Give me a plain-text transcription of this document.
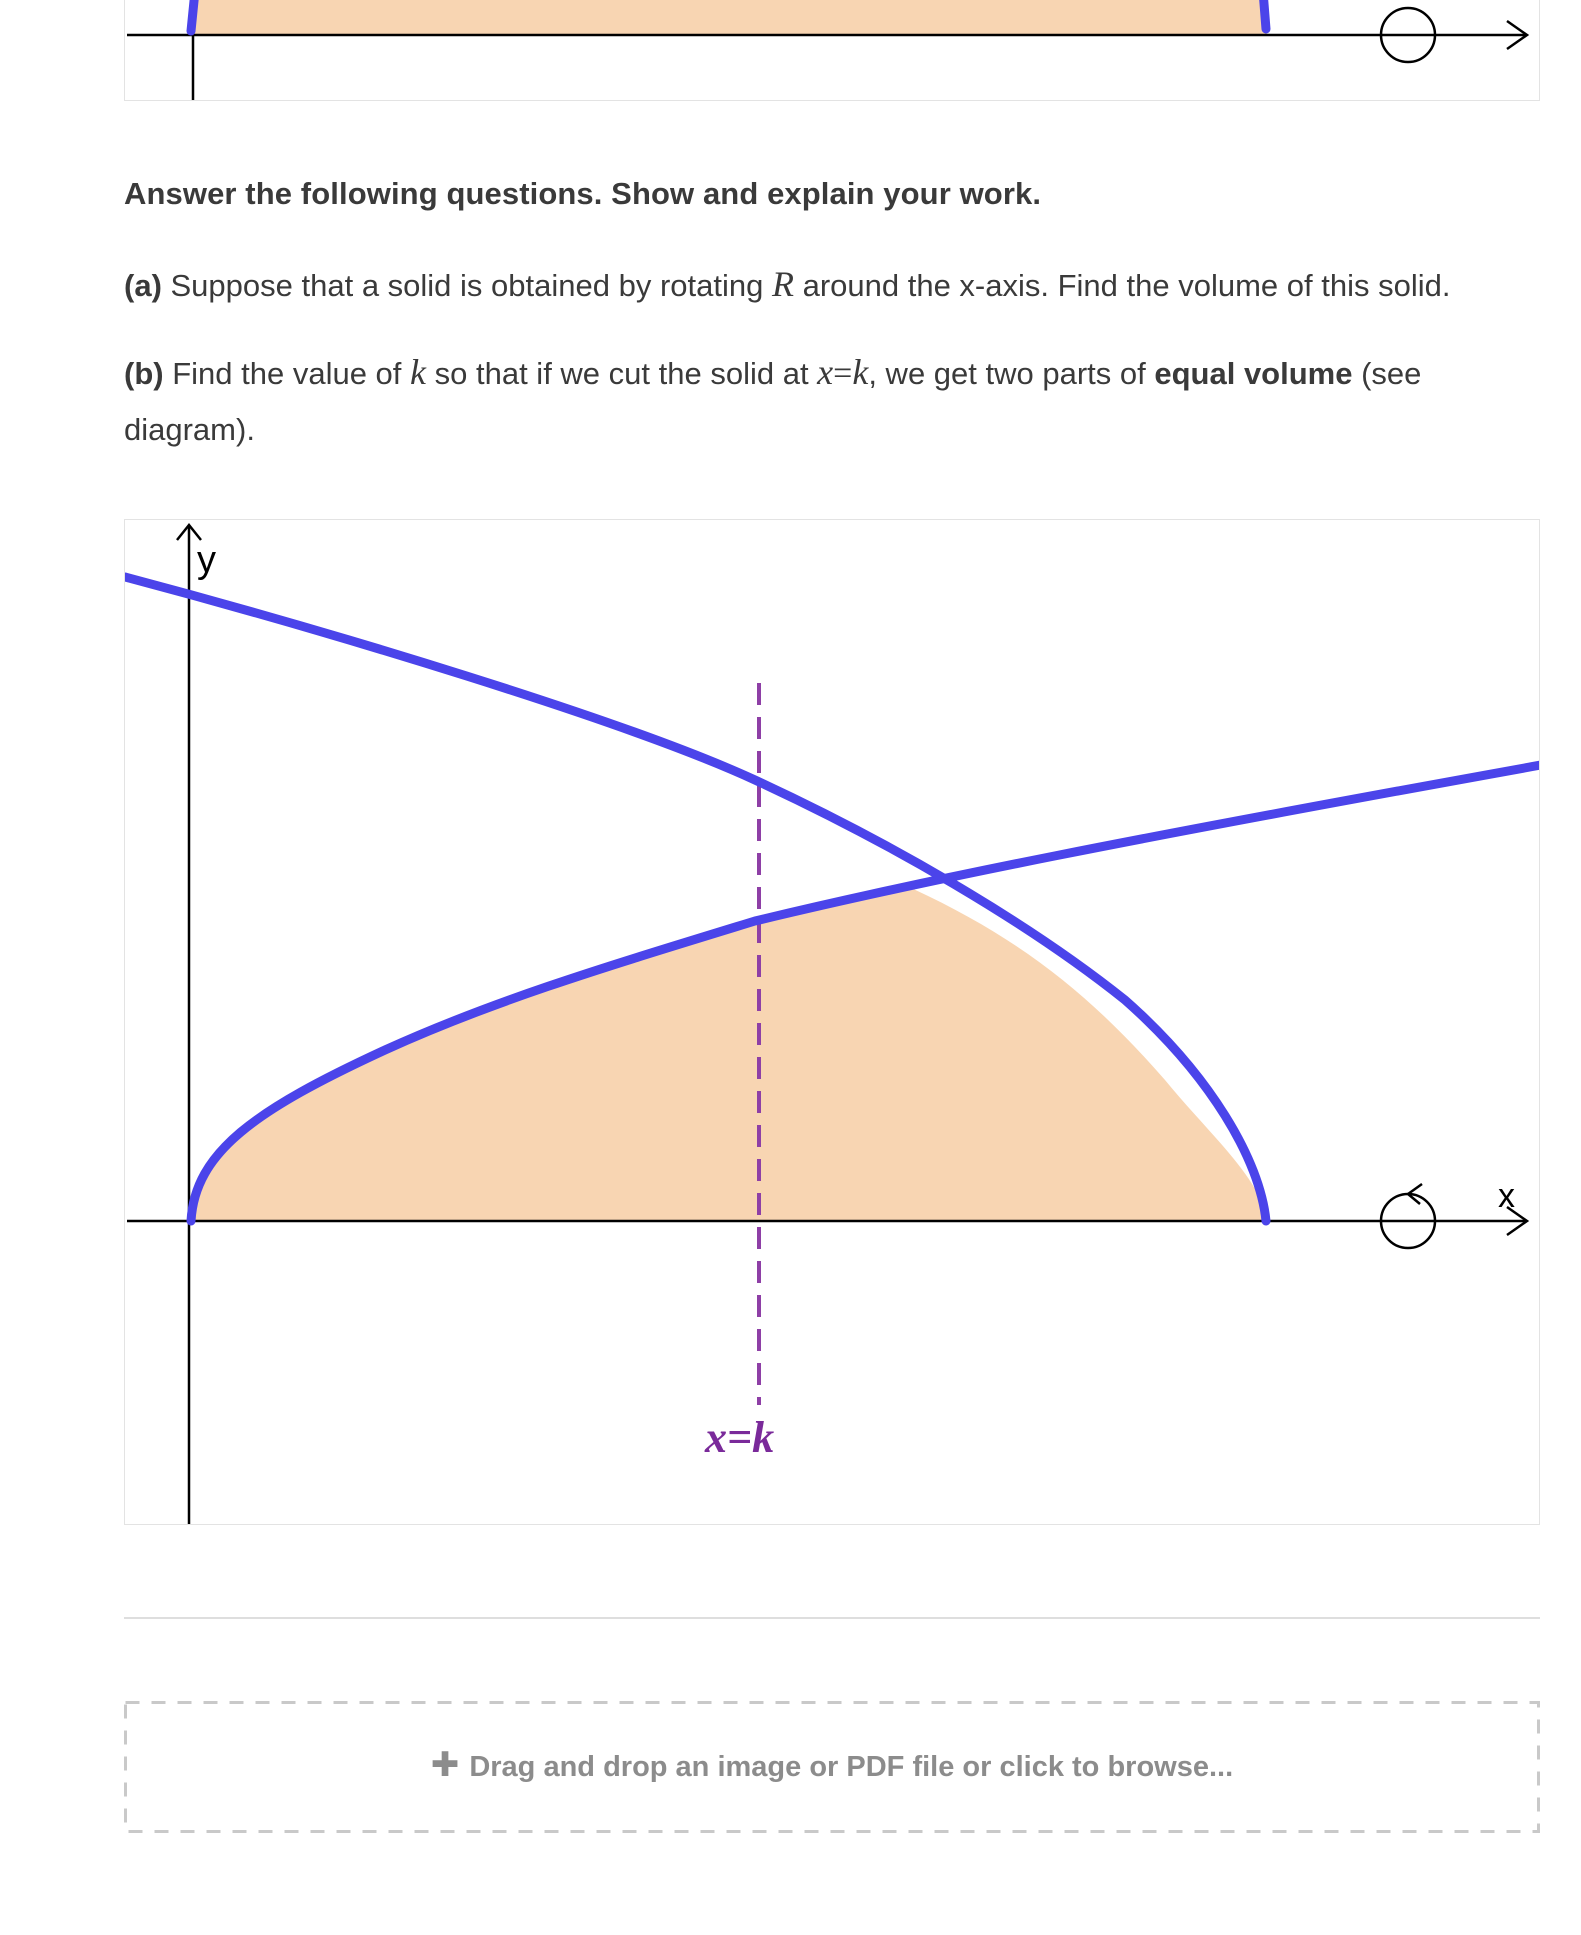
Answer the following questions. Show and explain your work.
(a) Suppose that a solid is obtained by rotating R around the x-axis. Find the volume of this solid.
(b) Find the value of k so that if we cut the solid at x=k, we get two parts of equal volume (see diagram).
y
x
x=k
✚ Drag and drop an image or PDF file or click to browse...
